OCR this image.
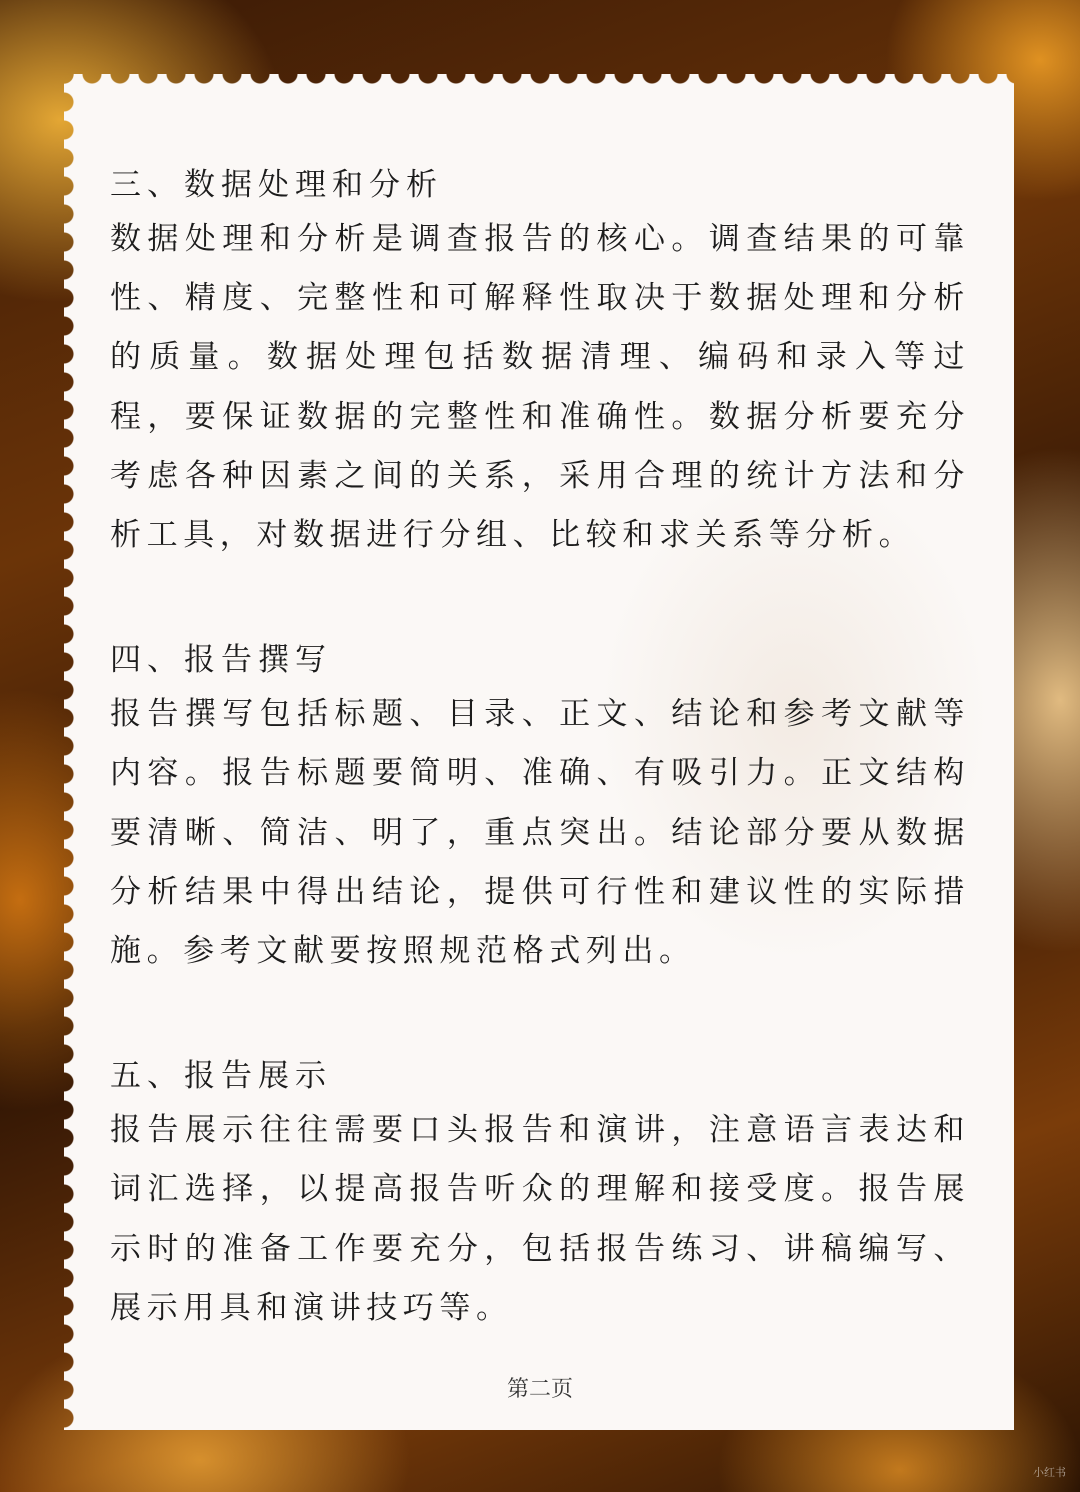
三、数据处理和分析

数据处理和分析是调查报告的核心。调查结果的可靠性、精度、完整性和可解释性取决于数据处理和分析的质量。数据处理包括数据清理、编码和录入等过程，要保证数据的完整性和准确性。数据分析要充分考虑各种因素之间的关系，采用合理的统计方法和分析工具，对数据进行分组、比较和求关系等分析。

四、报告撰写

报告撰写包括标题、目录、正文、结论和参考文献等内容。报告标题要简明、准确、有吸引力。正文结构要清晰、简洁、明了，重点突出。结论部分要从数据分析结果中得出结论，提供可行性和建议性的实际措施。参考文献要按照规范格式列出。

五、报告展示

报告展示往往需要口头报告和演讲，注意语言表达和词汇选择，以提高报告听众的理解和接受度。报告展示时的准备工作要充分，包括报告练习、讲稿编写、展示用具和演讲技巧等。

第二页
小红书
